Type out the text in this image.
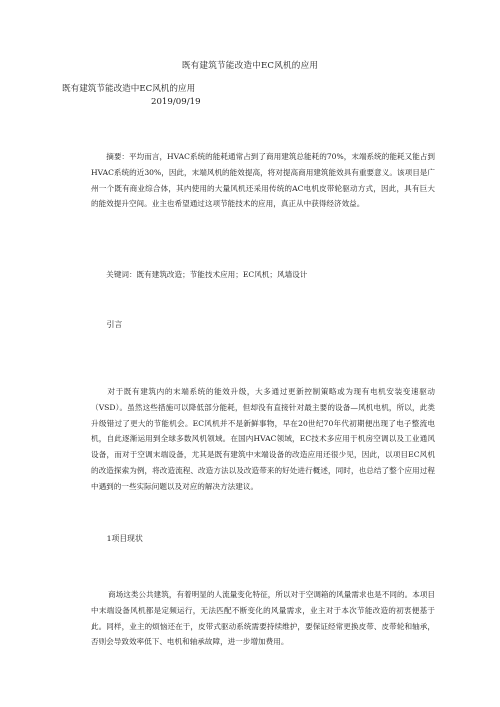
既有建筑节能改造中EC风机的应用
既有建筑节能改造中EC风机的应用
2019/09/19

　　摘要：平均而言，HVAC系统的能耗通常占到了商用建筑总能耗的70%，末端系统的能耗又能占到HVAC系统的近30%，因此，末端风机的能效提高，将对提高商用建筑能效具有重要意义。该项目是广州一个既有商业综合体，其内使用的大量风机还采用传统的AC电机皮带轮驱动方式，因此，具有巨大的能效提升空间。业主也希望通过这项节能技术的应用，真正从中获得经济效益。

　　关键词：既有建筑改造；节能技术应用；EC风机；风墙设计

　　引言

　　对于既有建筑内的末端系统的能效升级，大多通过更新控制策略或为现有电机安装变速驱动（VSD）。虽然这些措施可以降低部分能耗，但却没有直接针对最主要的设备—风机电机，所以，此类升级错过了更大的节能机会。EC风机并不是新鲜事物，早在20世纪70年代初期便出现了电子整流电机，自此逐渐运用到全球多数风机领域。在国内HVAC领域，EC技术多应用于机房空调以及工业通风设备，而对于空调末端设备，尤其是既有建筑中末端设备的改造应用还很少见，因此，以项目EC风机的改造探索为例，将改造流程、改造方法以及改造带来的好处进行概述，同时，也总结了整个应用过程中遇到的一些实际问题以及对应的解决方法建议。

　　1项目现状

商场这类公共建筑，有着明显的人流量变化特征，所以对于空调箱的风量需求也是不同的。本项目中末端设备风机都是定频运行，无法匹配不断变化的风量需求，业主对于本次节能改造的初衷便基于此。同样，业主的烦恼还在于，皮带式驱动系统需要持续维护，要保证经常更换皮带、皮带轮和轴承，否则会导致效率低下、电机和轴承故障，进一步增加费用。
